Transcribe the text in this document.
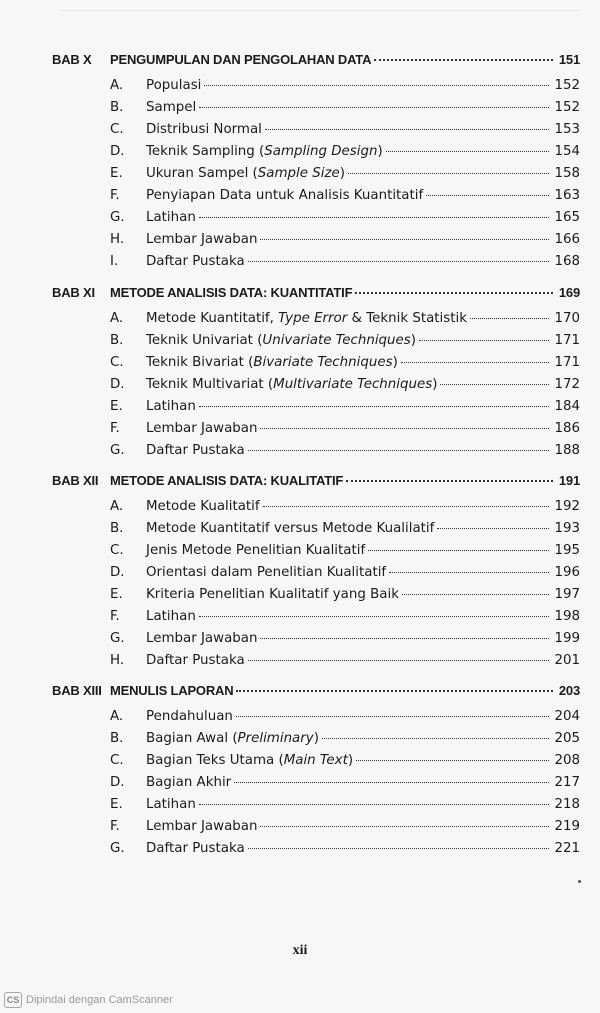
BAB X	PENGUMPULAN DAN PENGOLAHAN DATA	151
A.	Populasi	152
B.	Sampel	152
C.	Distribusi Normal	153
D.	Teknik Sampling (Sampling Design)	154
E.	Ukuran Sampel (Sample Size)	158
F.	Penyiapan Data untuk Analisis Kuantitatif	163
G.	Latihan	165
H.	Lembar Jawaban	166
I.	Daftar Pustaka	168
BAB XI	METODE ANALISIS DATA: KUANTITATIF	169
A.	Metode Kuantitatif, Type Error & Teknik Statistik	170
B.	Teknik Univariat (Univariate Techniques)	171
C.	Teknik Bivariat (Bivariate Techniques)	171
D.	Teknik Multivariat (Multivariate Techniques)	172
E.	Latihan	184
F.	Lembar Jawaban	186
G.	Daftar Pustaka	188
BAB XII METODE ANALISIS DATA: KUALITATIF	191
A.	Metode Kualitatif	192
B.	Metode Kuantitatif versus Metode Kualilatif	193
C.	Jenis Metode Penelitian Kualitatif	195
D.	Orientasi dalam Penelitian Kualitatif	196
E.	Kriteria Penelitian Kualitatif yang Baik	197
F.	Latihan	198
G.	Lembar Jawaban	199
H.	Daftar Pustaka	201
BAB XIII MENULIS LAPORAN	203
A.	Pendahuluan	204
B.	Bagian Awal (Preliminary)	205
C.	Bagian Teks Utama (Main Text)	208
D.	Bagian Akhir	217
E.	Latihan	218
F.	Lembar Jawaban	219
G.	Daftar Pustaka	221
xii
CS Dipindai dengan CamScanner
